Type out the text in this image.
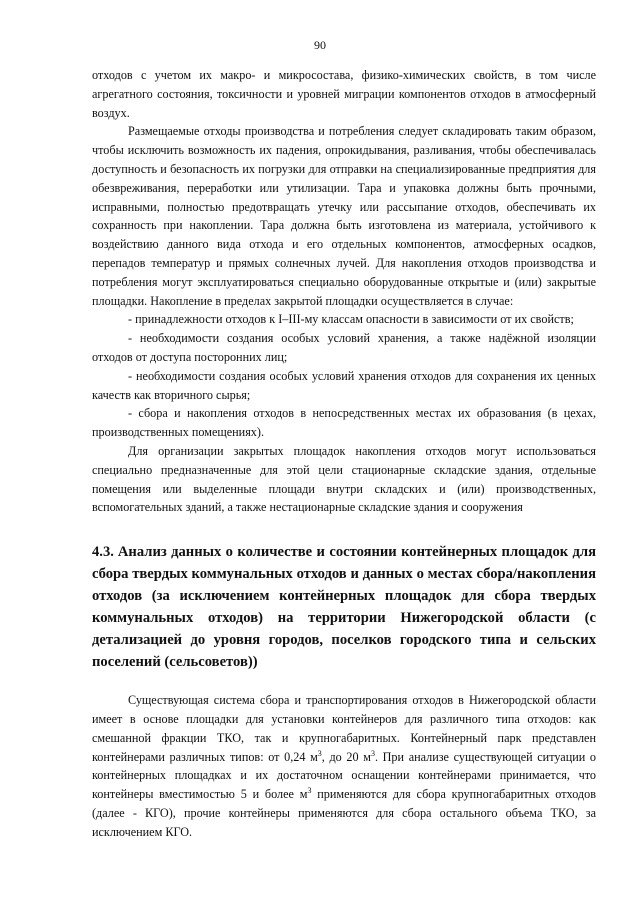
90

отходов с учетом их макро- и микросостава, физико-химических свойств, в том числе агрегатного состояния, токсичности и уровней миграции компонентов отходов в атмосферный воздух.

Размещаемые отходы производства и потребления следует складировать таким образом, чтобы исключить возможность их падения, опрокидывания, разливания, чтобы обеспечивалась доступность и безопасность их погрузки для отправки на специализированные предприятия для обезвреживания, переработки или утилизации. Тара и упаковка должны быть прочными, исправными, полностью предотвращать утечку или рассыпание отходов, обеспечивать их сохранность при накоплении. Тара должна быть изготовлена из материала, устойчивого к воздействию данного вида отхода и его отдельных компонентов, атмосферных осадков, перепадов температур и прямых солнечных лучей. Для накопления отходов производства и потребления могут эксплуатироваться специально оборудованные открытые и (или) закрытые площадки. Накопление в пределах закрытой площадки осуществляется в случае:

- принадлежности отходов к I–III-му классам опасности в зависимости от их свойств;

- необходимости создания особых условий хранения, а также надёжной изоляции отходов от доступа посторонних лиц;

- необходимости создания особых условий хранения отходов для сохранения их ценных качеств как вторичного сырья;

- сбора и накопления отходов в непосредственных местах их образования (в цехах, производственных помещениях).

Для организации закрытых площадок накопления отходов могут использоваться специально предназначенные для этой цели стационарные складские здания, отдельные помещения или выделенные площади внутри складских и (или) производственных, вспомогательных зданий, а также нестационарные складские здания и сооружения

4.3. Анализ данных о количестве и состоянии контейнерных площадок для сбора твердых коммунальных отходов и данных о местах сбора/накопления отходов (за исключением контейнерных площадок для сбора твердых коммунальных отходов) на территории Нижегородской области (с детализацией до уровня городов, поселков городского типа и сельских поселений (сельсоветов))

Существующая система сбора и транспортирования отходов в Нижегородской области имеет в основе площадки для установки контейнеров для различного типа отходов: как смешанной фракции ТКО, так и крупногабаритных. Контейнерный парк представлен контейнерами различных типов: от 0,24 $м^3$, до 20 $м^3$. При анализе существующей ситуации о контейнерных площадках и их достаточном оснащении контейнерами принимается, что контейнеры вместимостью 5 и более $м^3$ применяются для сбора крупногабаритных отходов (далее - КГО), прочие контейнеры применяются для сбора остального объема ТКО, за исключением КГО.
